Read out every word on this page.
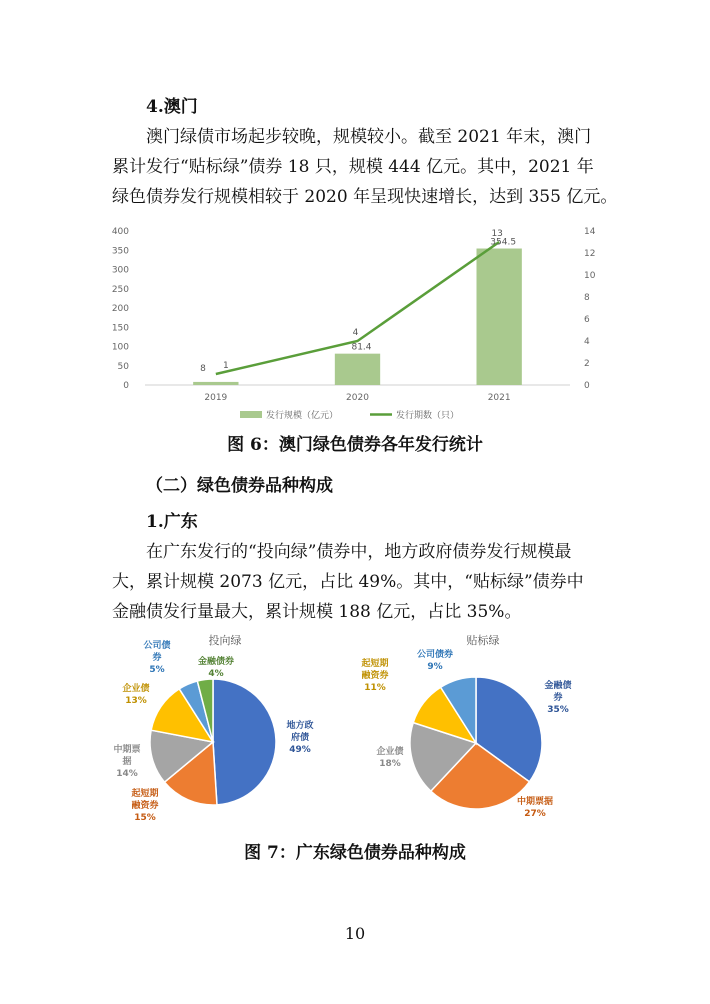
4.澳门
澳门绿债市场起步较晚，规模较小。截至 2021 年末，澳门
累计发行“贴标绿”债券 18 只，规模 444 亿元。其中，2021 年
绿色债券发行规模相较于 2020 年呈现快速增长，达到 355 亿元。
0
50
100
150
200
250
300
350
400
0
2
4
6
8
10
12
14
8
81.4
354.5
1
4
13
2019	2020	2021
发行规模（亿元）	发行期数（只）
图 6：澳门绿色债券各年发行统计
（二）绿色债券品种构成
1.广东
在广东发行的“投向绿”债券中，地方政府债券发行规模最
大，累计规模 2073 亿元，占比 49%。其中，“贴标绿”债券中
金融债发行量最大，累计规模 188 亿元，占比 35%。
投向绿
地方政
府债
49%
起短期
融资券
15%
中期票
据
14%
企业债
13%
公司债
券
5%
金融债券
4%
贴标绿
金融债
券
35%
中期票据
27%
企业债
18%
起短期
融资券
11%
公司债券
9%
图 7：广东绿色债券品种构成
10
